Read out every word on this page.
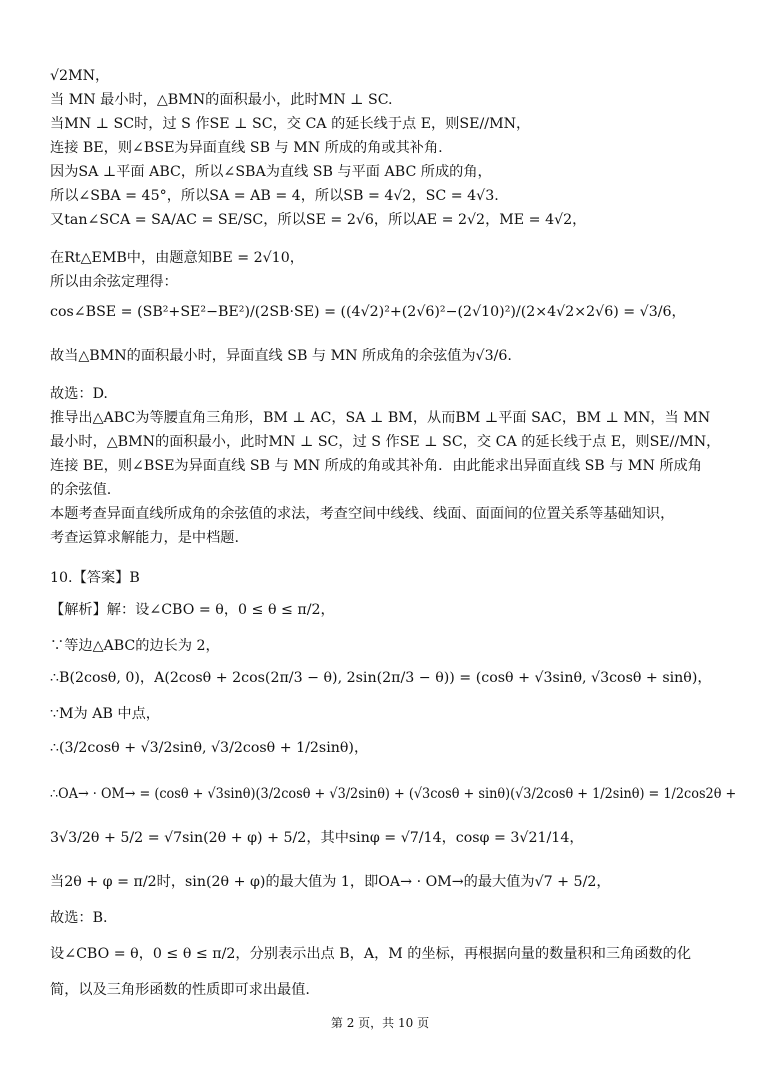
√2MN，
当 MN 最小时，△BMN的面积最小，此时MN ⊥ SC.
当MN ⊥ SC时，过 S 作SE ⊥ SC，交 CA 的延长线于点 E，则SE//MN，
连接 BE，则∠BSE为异面直线 SB 与 MN 所成的角或其补角.
因为SA ⊥平面 ABC，所以∠SBA为直线 SB 与平面 ABC 所成的角，
所以∠SBA = 45°，所以SA = AB = 4，所以SB = 4√2，SC = 4√3.
又tan∠SCA = SA/AC = SE/SC，所以SE = 2√6，所以AE = 2√2，ME = 4√2，
在Rt△EMB中，由题意知BE = 2√10，
所以由余弦定理得：
cos∠BSE = (SB²+SE²−BE²)/(2SB·SE) = ((4√2)²+(2√6)²−(2√10)²)/(2×4√2×2√6) = √3/6，
故当△BMN的面积最小时，异面直线 SB 与 MN 所成角的余弦值为√3/6.
故选：D.
推导出△ABC为等腰直角三角形，BM ⊥ AC，SA ⊥ BM，从而BM ⊥平面 SAC，BM ⊥ MN，当 MN
最小时，△BMN的面积最小，此时MN ⊥ SC，过 S 作SE ⊥ SC，交 CA 的延长线于点 E，则SE//MN，
连接 BE，则∠BSE为异面直线 SB 与 MN 所成的角或其补角．由此能求出异面直线 SB 与 MN 所成角
的余弦值.
本题考查异面直线所成角的余弦值的求法，考查空间中线线、线面、面面间的位置关系等基础知识，
考查运算求解能力，是中档题.
10.【答案】B
【解析】解：设∠CBO = θ，0 ≤ θ ≤ π/2，
∵等边△ABC的边长为 2，
∴B(2cosθ, 0)，A(2cosθ + 2cos(2π/3 − θ), 2sin(2π/3 − θ)) = (cosθ + √3sinθ, √3cosθ + sinθ)，
∵M为 AB 中点，
∴(3/2cosθ + √3/2sinθ, √3/2cosθ + 1/2sinθ)，
∴OA→ · OM→ = (cosθ + √3sinθ)(3/2cosθ + √3/2sinθ) + (√3cosθ + sinθ)(√3/2cosθ + 1/2sinθ) = 1/2cos2θ +
3√3/2θ + 5/2 = √7sin(2θ + φ) + 5/2，其中sinφ = √7/14，cosφ = 3√21/14，
当2θ + φ = π/2时，sin(2θ + φ)的最大值为 1，即OA→ · OM→的最大值为√7 + 5/2，
故选：B.
设∠CBO = θ，0 ≤ θ ≤ π/2，分别表示出点 B，A，M 的坐标，再根据向量的数量积和三角函数的化
简，以及三角形函数的性质即可求出最值.
第 2 页，共 10 页
